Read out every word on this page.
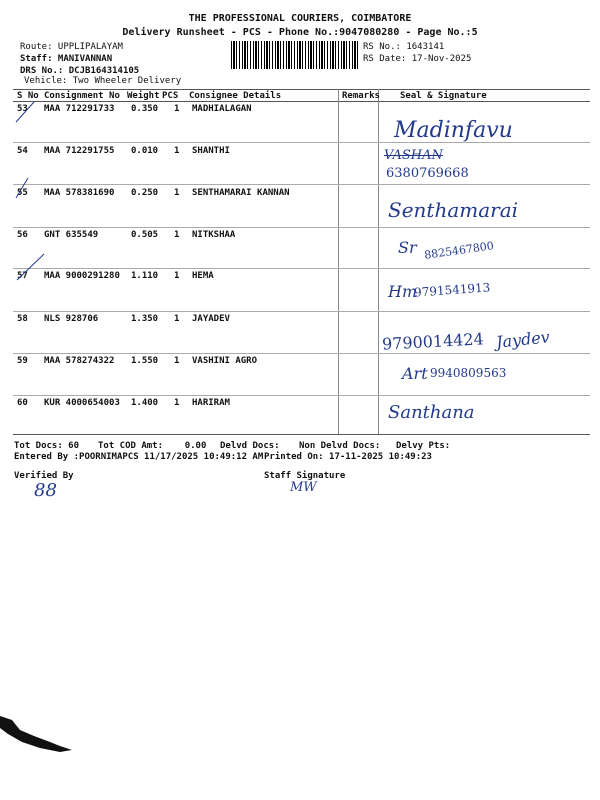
THE PROFESSIONAL COURIERS, COIMBATORE
Delivery Runsheet - PCS - Phone No.:9047080280 - Page No.:5
Route: UPPLIPALAYAM
Staff: MANIVANNAN
DRS No.: DCJB164314105
Vehicle: Two Wheeler Delivery
RS No.: 1643141
RS Date: 17-Nov-2025
S No Consignment No Weight PCS Consignee Details	Remarks Seal & Signature
53 MAA 712291733 0.350 1 MADHIALAGAN
Madinfavu
54 MAA 712291755 0.010 1 SHANTHI	VASHAN
6380769668
55 MAA 578381690 0.250 1 SENTHAMARAI KANNAN
Senthamarai
56 GNT 635549	0.505 1 NITKSHAA
Sr 8825467800
57 MAA 9000291280 1.110 1 HEMA
Hm
9791541913
58 NLS 928706	1.350 1 JAYADEV
9790014424 Jaydev
59 MAA 578274322 1.550 1 VASHINI AGRO
Art 9940809563
60 KUR 4000654003 1.400 1 HARIRAM	Santhana
Tot Docs: 60 Tot COD Amt:    0.00 Delvd Docs: Non Delvd Docs: Delvy Pts:
Entered By :POORNIMAPCS 11/17/2025 10:49:12 AM Printed On: 17-11-2025 10:49:23
Verified By	Staff Signature
88	MW
